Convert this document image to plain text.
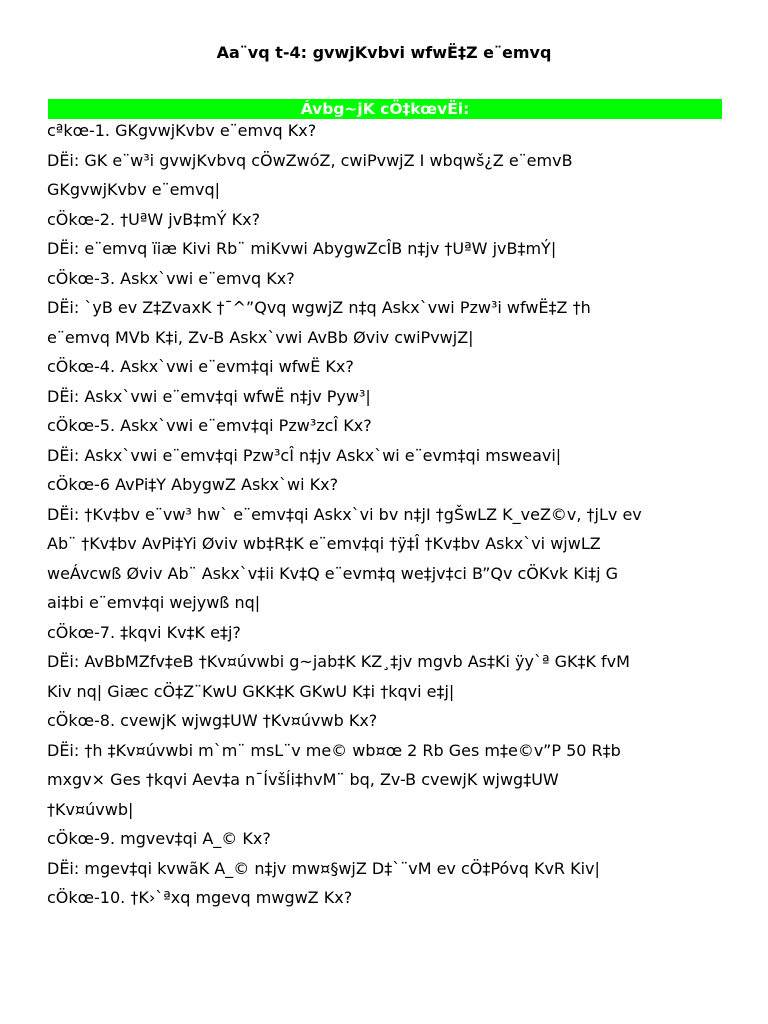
Aa¨vq t-4: gvwjKvbvi wfwË‡Z e¨emvq
Ávbg~jK cÖ‡kœvËi:
cªkœ-1. GKgvwjKvbv e¨emvq Kx?
DËi: GK e¨w³i gvwjKvbvq cÖwZwóZ, cwiPvwjZ I wbqwš¿Z e¨emvB
GKgvwjKvbv e¨emvq|
cÖkœ-2. †UªW jvB‡mÝ Kx?
DËi: e¨emvq ïiæ Kivi Rb¨ miKvwi AbygwZcÎB n‡jv †UªW jvB‡mÝ|
cÖkœ-3. Askx`vwi e¨emvq Kx?
DËi: `yB ev Z‡ZvaxK †¯^”Qvq wgwjZ n‡q Askx`vwi Pzw³i wfwË‡Z †h
e¨emvq MVb K‡i, Zv-B Askx`vwi AvBb Øviv cwiPvwjZ|
cÖkœ-4. Askx`vwi e¨evm‡qi wfwË Kx?
DËi: Askx`vwi e¨emv‡qi wfwË n‡jv Pyw³|
cÖkœ-5. Askx`vwi e¨emv‡qi Pzw³zcÎ Kx?
DËi: Askx`vwi e¨emv‡qi Pzw³cÎ n‡jv Askx`wi e¨evm‡qi msweavi|
cÖkœ-6 AvPi‡Y AbygwZ Askx`wi Kx?
DËi: †Kv‡bv e¨vw³ hw` e¨emv‡qi Askx`vi bv n‡jI †gŠwLZ K_veZ©v, †jLv ev
Ab¨ †Kv‡bv AvPi‡Yi Øviv wb‡R‡K e¨emv‡qi †ÿ‡Î †Kv‡bv Askx`vi wjwLZ
weÁvcwß Øviv Ab¨ Askx`v‡ii Kv‡Q e¨evm‡q we‡jv‡ci B”Qv cÖKvk Ki‡j G
ai‡bi e¨emv‡qi wejywß nq|
cÖkœ-7. ‡kqvi Kv‡K e‡j?
DËi: AvBbMZfv‡eB †Kv¤úvwbi g~jab‡K KZ¸‡jv mgvb As‡Ki ÿy`ª GK‡K fvM
Kiv nq| Giæc cÖ‡Z¨KwU GKK‡K GKwU K‡i †kqvi e‡j|
cÖkœ-8. cvewjK wjwg‡UW †Kv¤úvwb Kx?
DËi: †h ‡Kv¤úvwbi m`m¨ msL¨v me© wb¤œ 2 Rb Ges m‡e©v”P 50 R‡b
mxgv× Ges †kqvi Aev‡a n¯ÍvšÍi‡hvM¨ bq, Zv-B cvewjK wjwg‡UW
†Kv¤úvwb|
cÖkœ-9. mgvev‡qi A_© Kx?
DËi: mgev‡qi kvwãK A_© n‡jv mw¤§wjZ D‡`¨vM ev cÖ‡Póvq KvR Kiv|
cÖkœ-10. †K›`ªxq mgevq mwgwZ Kx?
